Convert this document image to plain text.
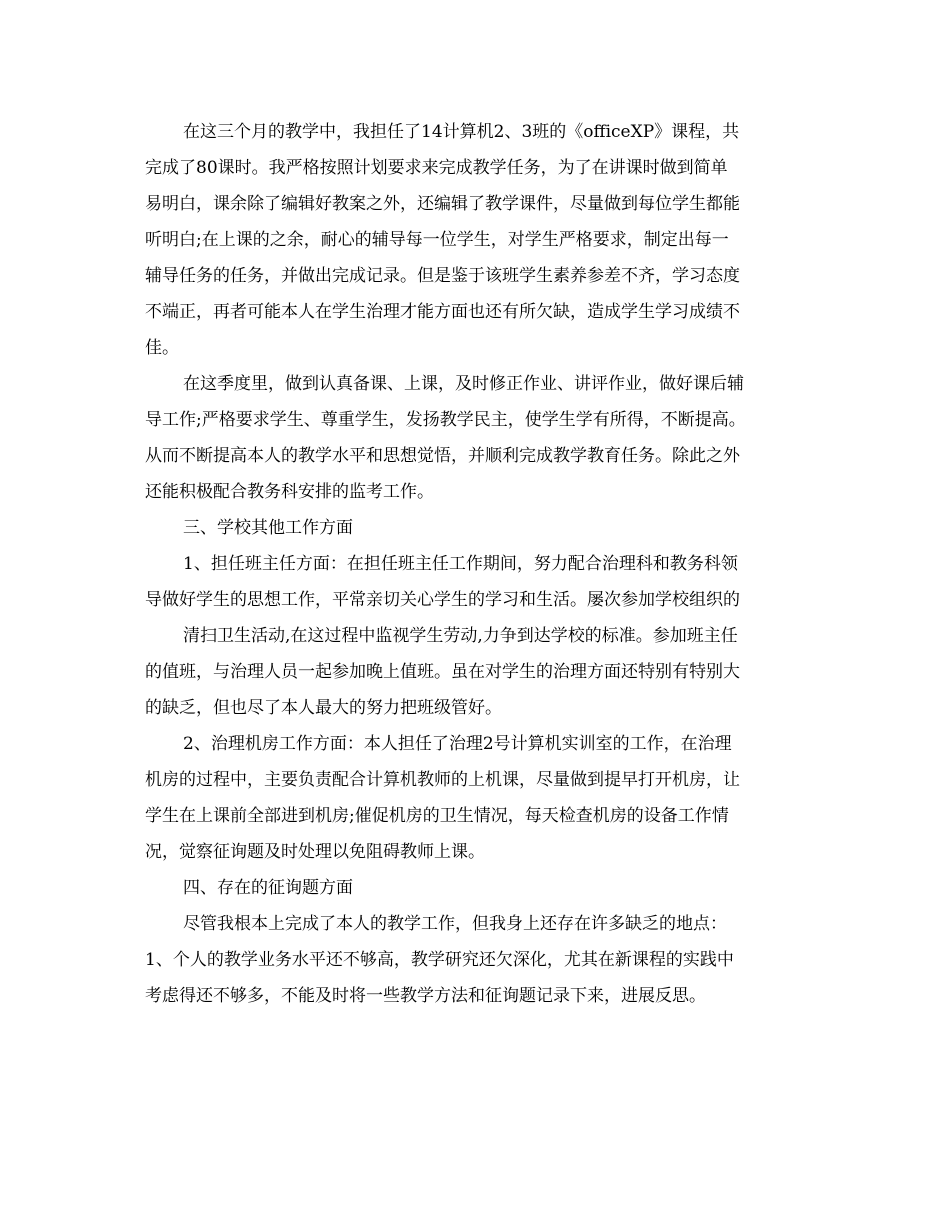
在这三个月的教学中，我担任了14计算机2、3班的《officeXP》课程，共
完成了80课时。我严格按照计划要求来完成教学任务，为了在讲课时做到简单
易明白，课余除了编辑好教案之外，还编辑了教学课件，尽量做到每位学生都能
听明白;在上课的之余，耐心的辅导每一位学生，对学生严格要求，制定出每一
辅导任务的任务，并做出完成记录。但是鉴于该班学生素养参差不齐，学习态度
不端正，再者可能本人在学生治理才能方面也还有所欠缺，造成学生学习成绩不
佳。
在这季度里，做到认真备课、上课，及时修正作业、讲评作业，做好课后辅
导工作;严格要求学生、尊重学生，发扬教学民主，使学生学有所得，不断提高。
从而不断提高本人的教学水平和思想觉悟，并顺利完成教学教育任务。除此之外
还能积极配合教务科安排的监考工作。
三、学校其他工作方面
1、担任班主任方面：在担任班主任工作期间，努力配合治理科和教务科领
导做好学生的思想工作，平常亲切关心学生的学习和生活。屡次参加学校组织的
清扫卫生活动,在这过程中监视学生劳动,力争到达学校的标准。参加班主任
的值班，与治理人员一起参加晚上值班。虽在对学生的治理方面还特别有特别大
的缺乏，但也尽了本人最大的努力把班级管好。
2、治理机房工作方面：本人担任了治理2号计算机实训室的工作，在治理
机房的过程中，主要负责配合计算机教师的上机课，尽量做到提早打开机房，让
学生在上课前全部进到机房;催促机房的卫生情况，每天检查机房的设备工作情
况，觉察征询题及时处理以免阻碍教师上课。
四、存在的征询题方面
尽管我根本上完成了本人的教学工作，但我身上还存在许多缺乏的地点：
1、个人的教学业务水平还不够高，教学研究还欠深化，尤其在新课程的实践中
考虑得还不够多，不能及时将一些教学方法和征询题记录下来，进展反思。
